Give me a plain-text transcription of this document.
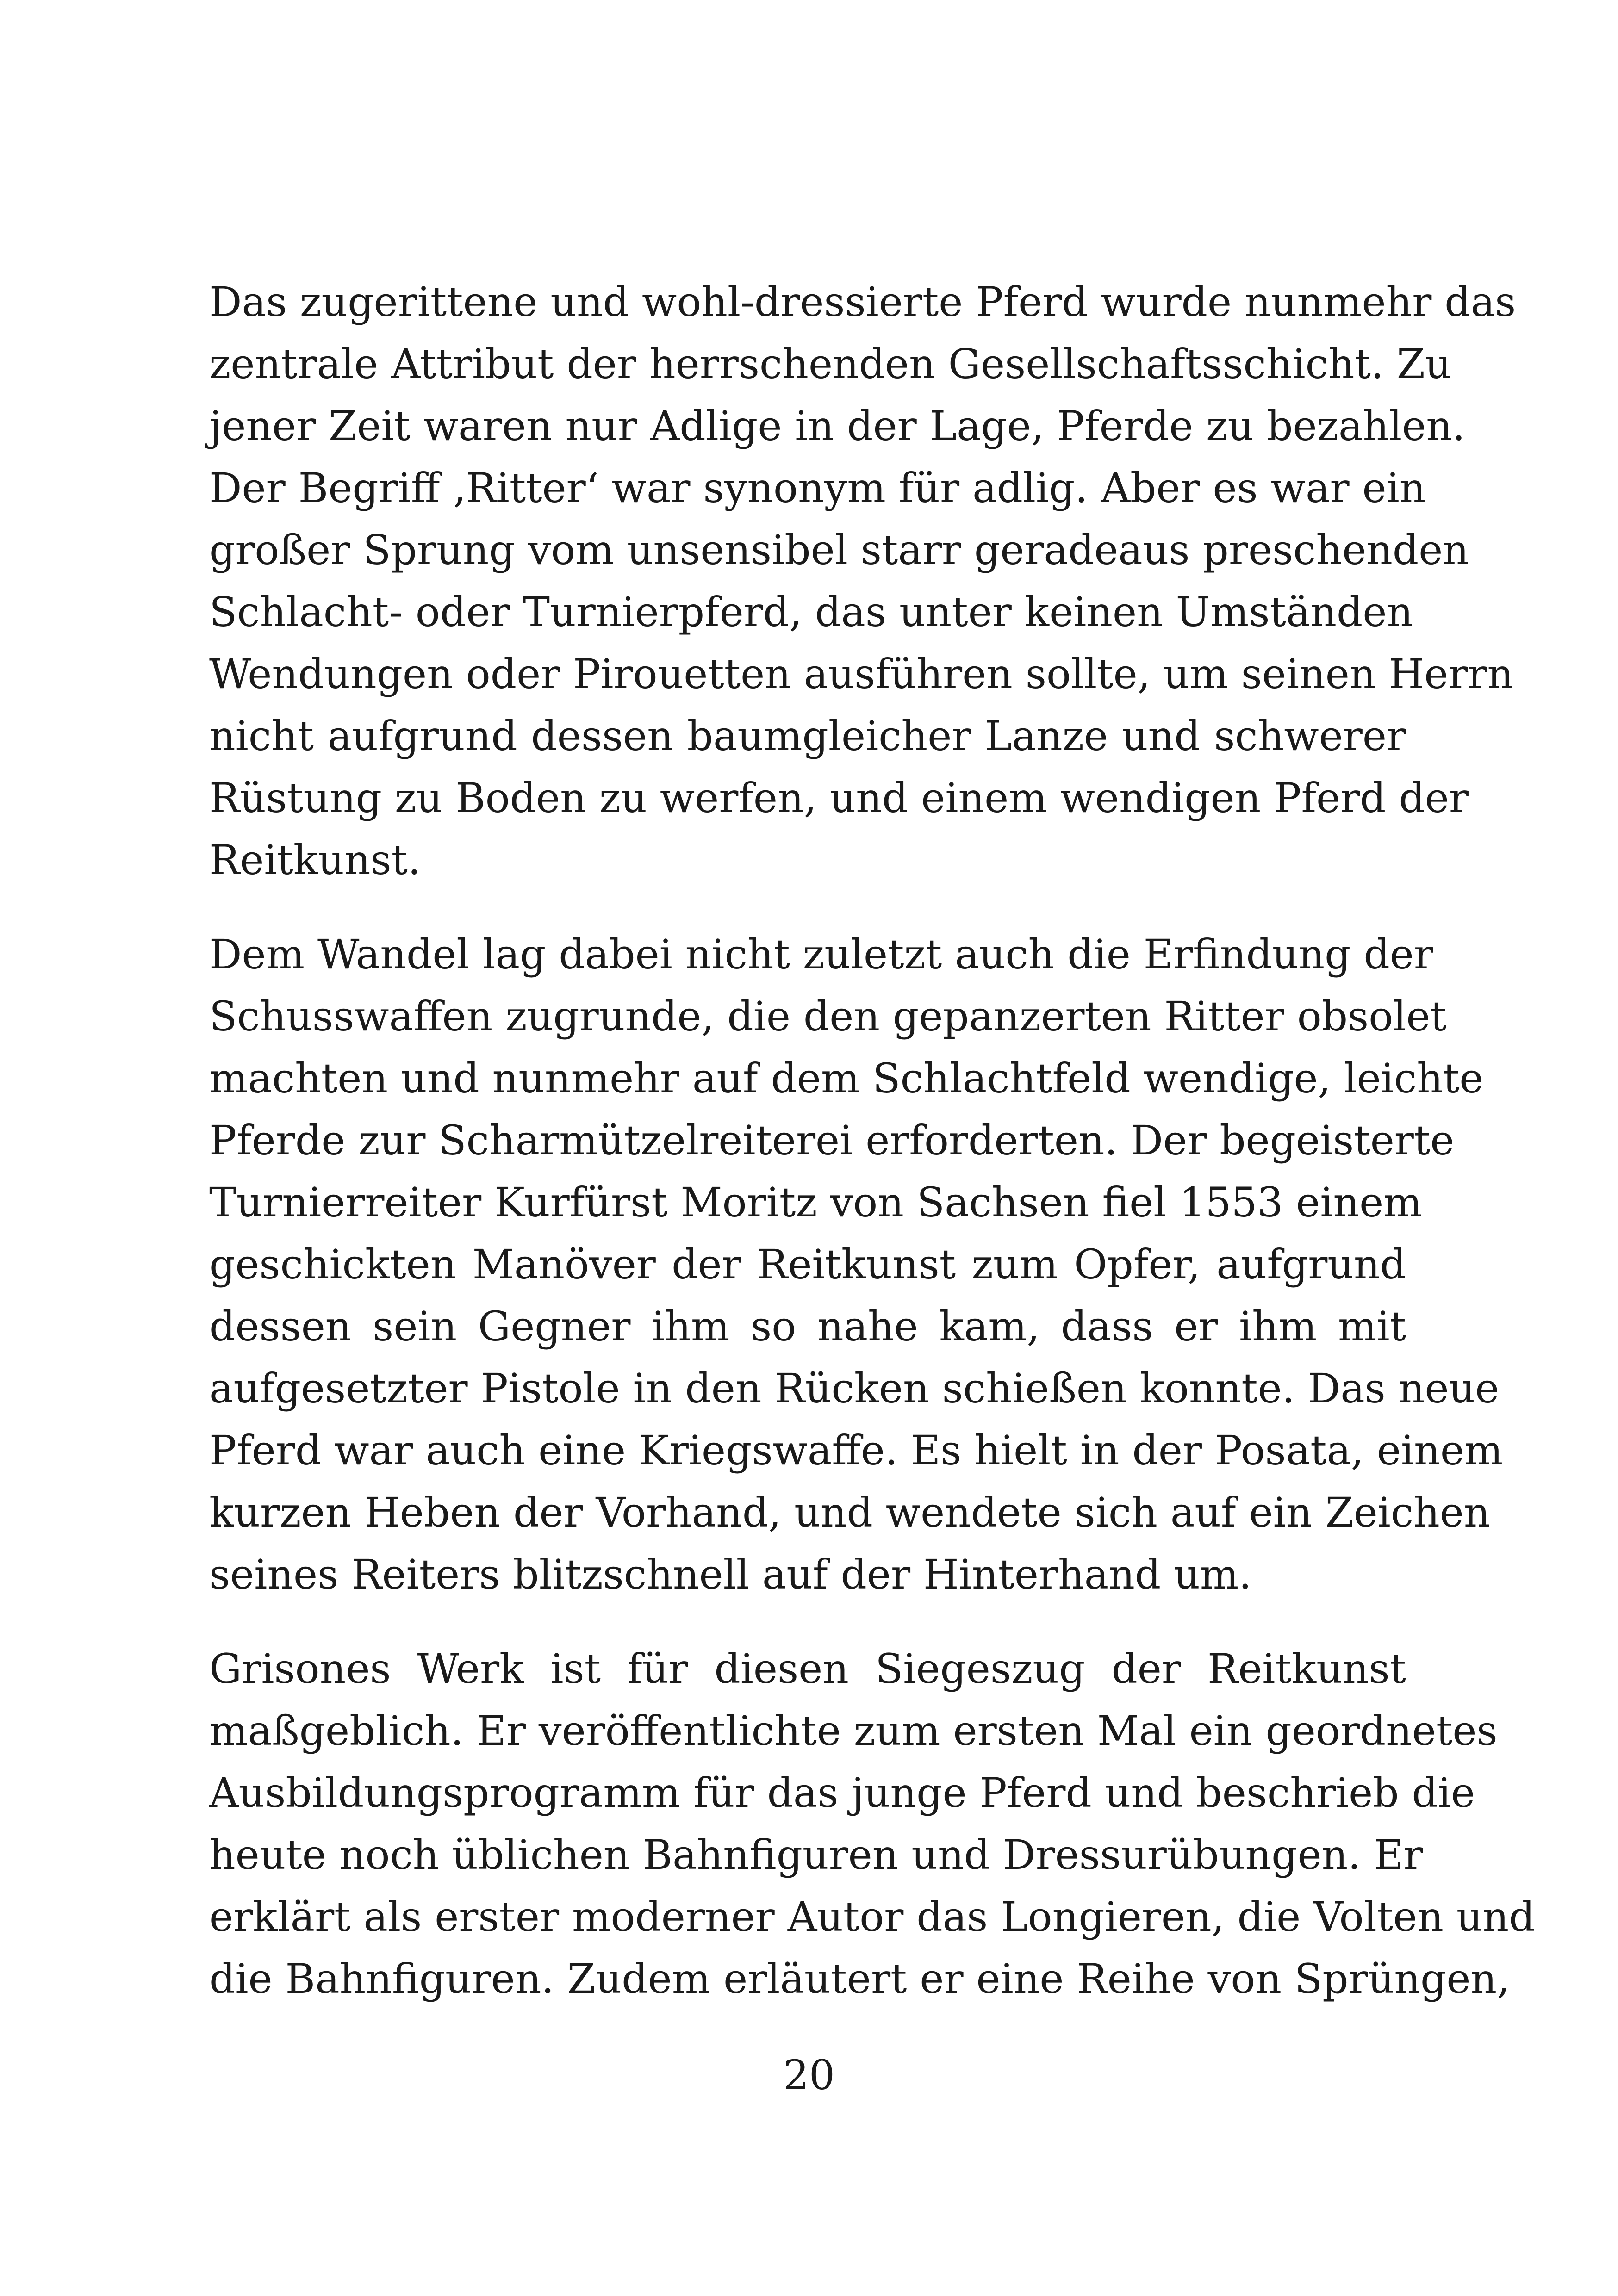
Das zugerittene und wohl-dressierte Pferd wurde nunmehr das
zentrale Attribut der herrschenden Gesellschaftsschicht. Zu
jener Zeit waren nur Adlige in der Lage, Pferde zu bezahlen.
Der Begriff ‚Ritter‘ war synonym für adlig. Aber es war ein
großer Sprung vom unsensibel starr geradeaus preschenden
Schlacht- oder Turnierpferd, das unter keinen Umständen
Wendungen oder Pirouetten ausführen sollte, um seinen Herrn
nicht aufgrund dessen baumgleicher Lanze und schwerer
Rüstung zu Boden zu werfen, und einem wendigen Pferd der
Reitkunst.

Dem Wandel lag dabei nicht zuletzt auch die Erfindung der
Schusswaffen zugrunde, die den gepanzerten Ritter obsolet
machten und nunmehr auf dem Schlachtfeld wendige, leichte
Pferde zur Scharmützelreiterei erforderten. Der begeisterte
Turnierreiter Kurfürst Moritz von Sachsen fiel 1553 einem
geschickten Manöver der Reitkunst zum Opfer, aufgrund
dessen sein Gegner ihm so nahe kam, dass er ihm mit
aufgesetzter Pistole in den Rücken schießen konnte. Das neue
Pferd war auch eine Kriegswaffe. Es hielt in der Posata, einem
kurzen Heben der Vorhand, und wendete sich auf ein Zeichen
seines Reiters blitzschnell auf der Hinterhand um.

Grisones Werk ist für diesen Siegeszug der Reitkunst
maßgeblich. Er veröffentlichte zum ersten Mal ein geordnetes
Ausbildungsprogramm für das junge Pferd und beschrieb die
heute noch üblichen Bahnfiguren und Dressurübungen. Er
erklärt als erster moderner Autor das Longieren, die Volten und
die Bahnfiguren. Zudem erläutert er eine Reihe von Sprüngen,

20
